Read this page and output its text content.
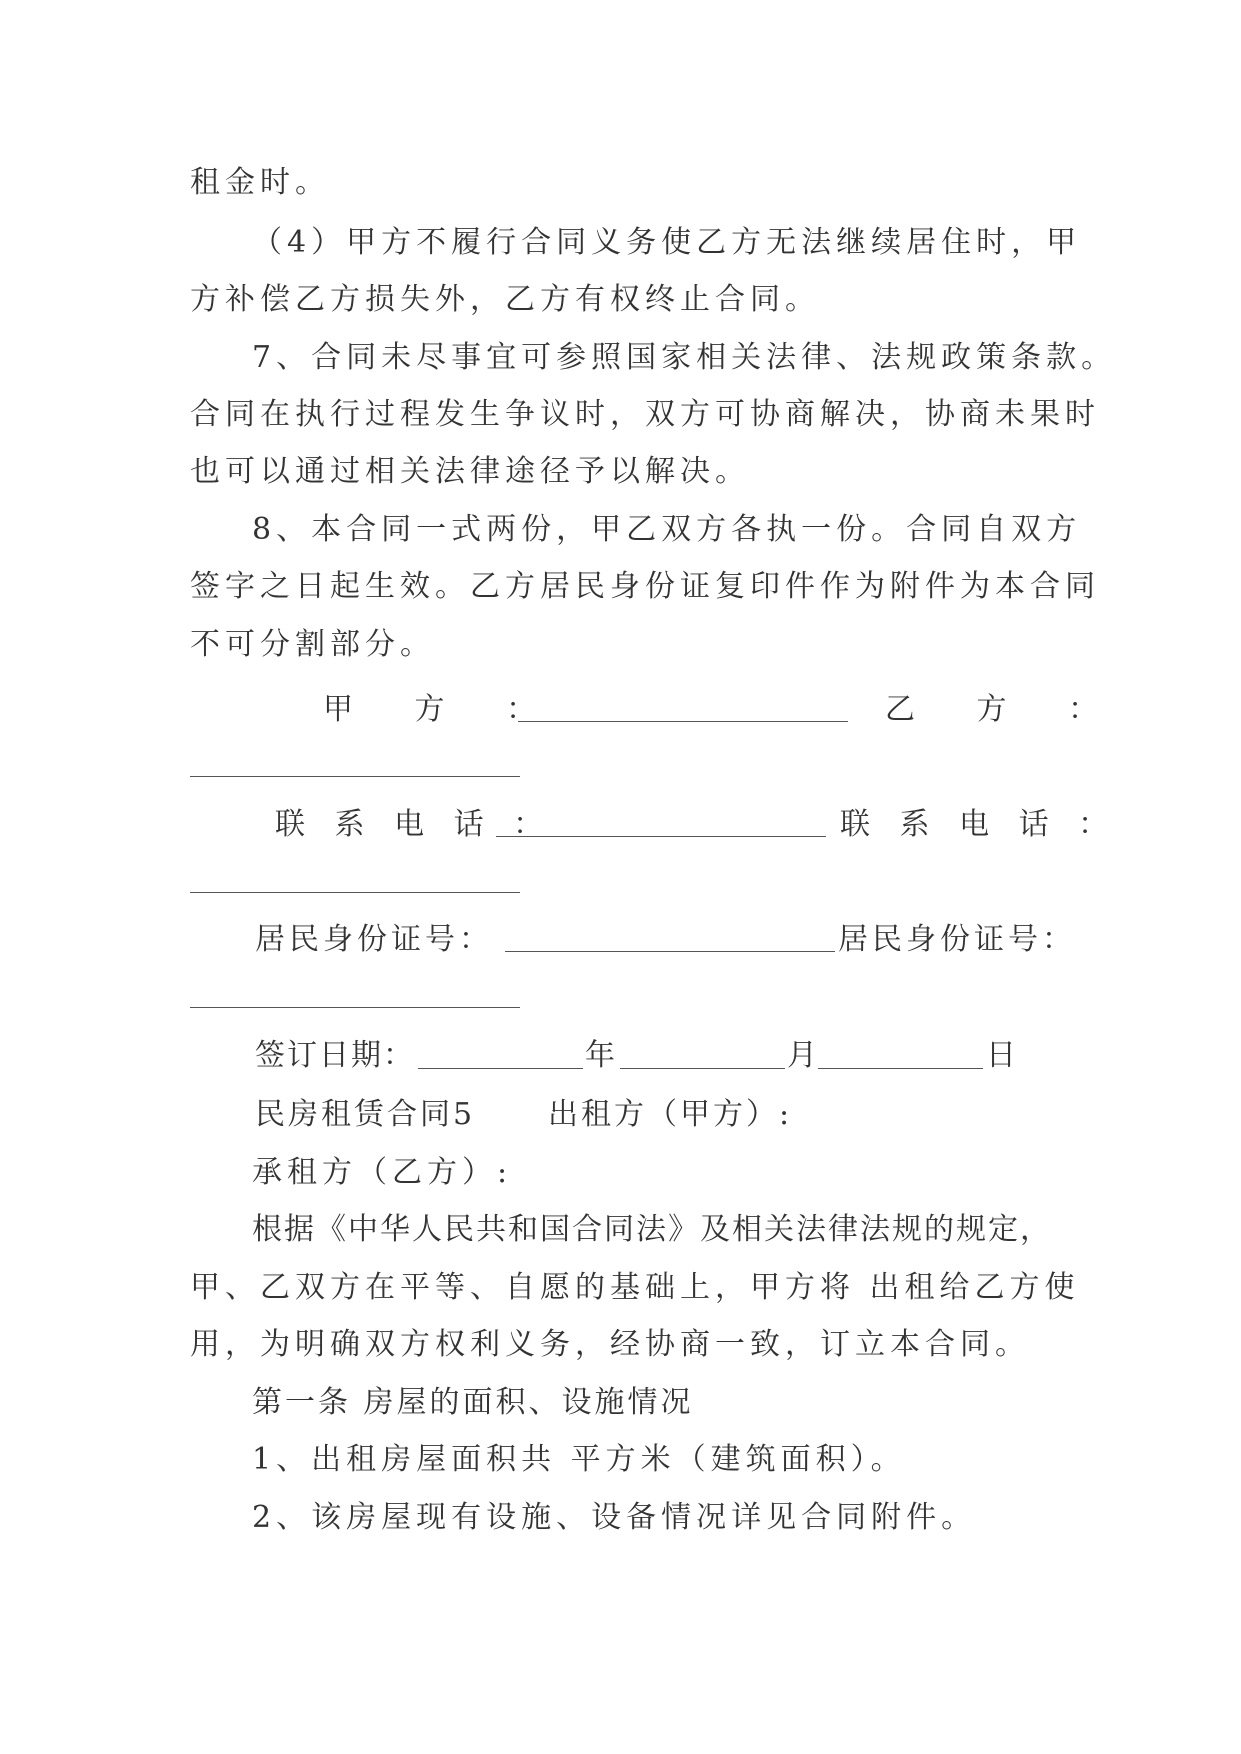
租金时。
（4）甲方不履行合同义务使乙方无法继续居住时，甲
方补偿乙方损失外，乙方有权终止合同。
7、合同未尽事宜可参照国家相关法律、法规政策条款。
合同在执行过程发生争议时，双方可协商解决，协商未果时
也可以通过相关法律途径予以解决。
8、本合同一式两份，甲乙双方各执一份。合同自双方
签字之日起生效。乙方居民身份证复印件作为附件为本合同
不可分割部分。
甲 方 ：	乙 方 ：
联 系 电 话 ：	联 系 电 话 ：
居民身份证号：	居民身份证号：
签订日期：	年	月	日
民房租赁合同5 出租方（甲方）:
承租方（乙方）:
根据《中华人民共和国合同法》及相关法律法规的规定，
甲、乙双方在平等、自愿的基础上，甲方将 出租给乙方使
用，为明确双方权利义务，经协商一致，订立本合同。
第一条 房屋的面积、设施情况
1、出租房屋面积共 平方米（建筑面积）。
2、该房屋现有设施、设备情况详见合同附件。
